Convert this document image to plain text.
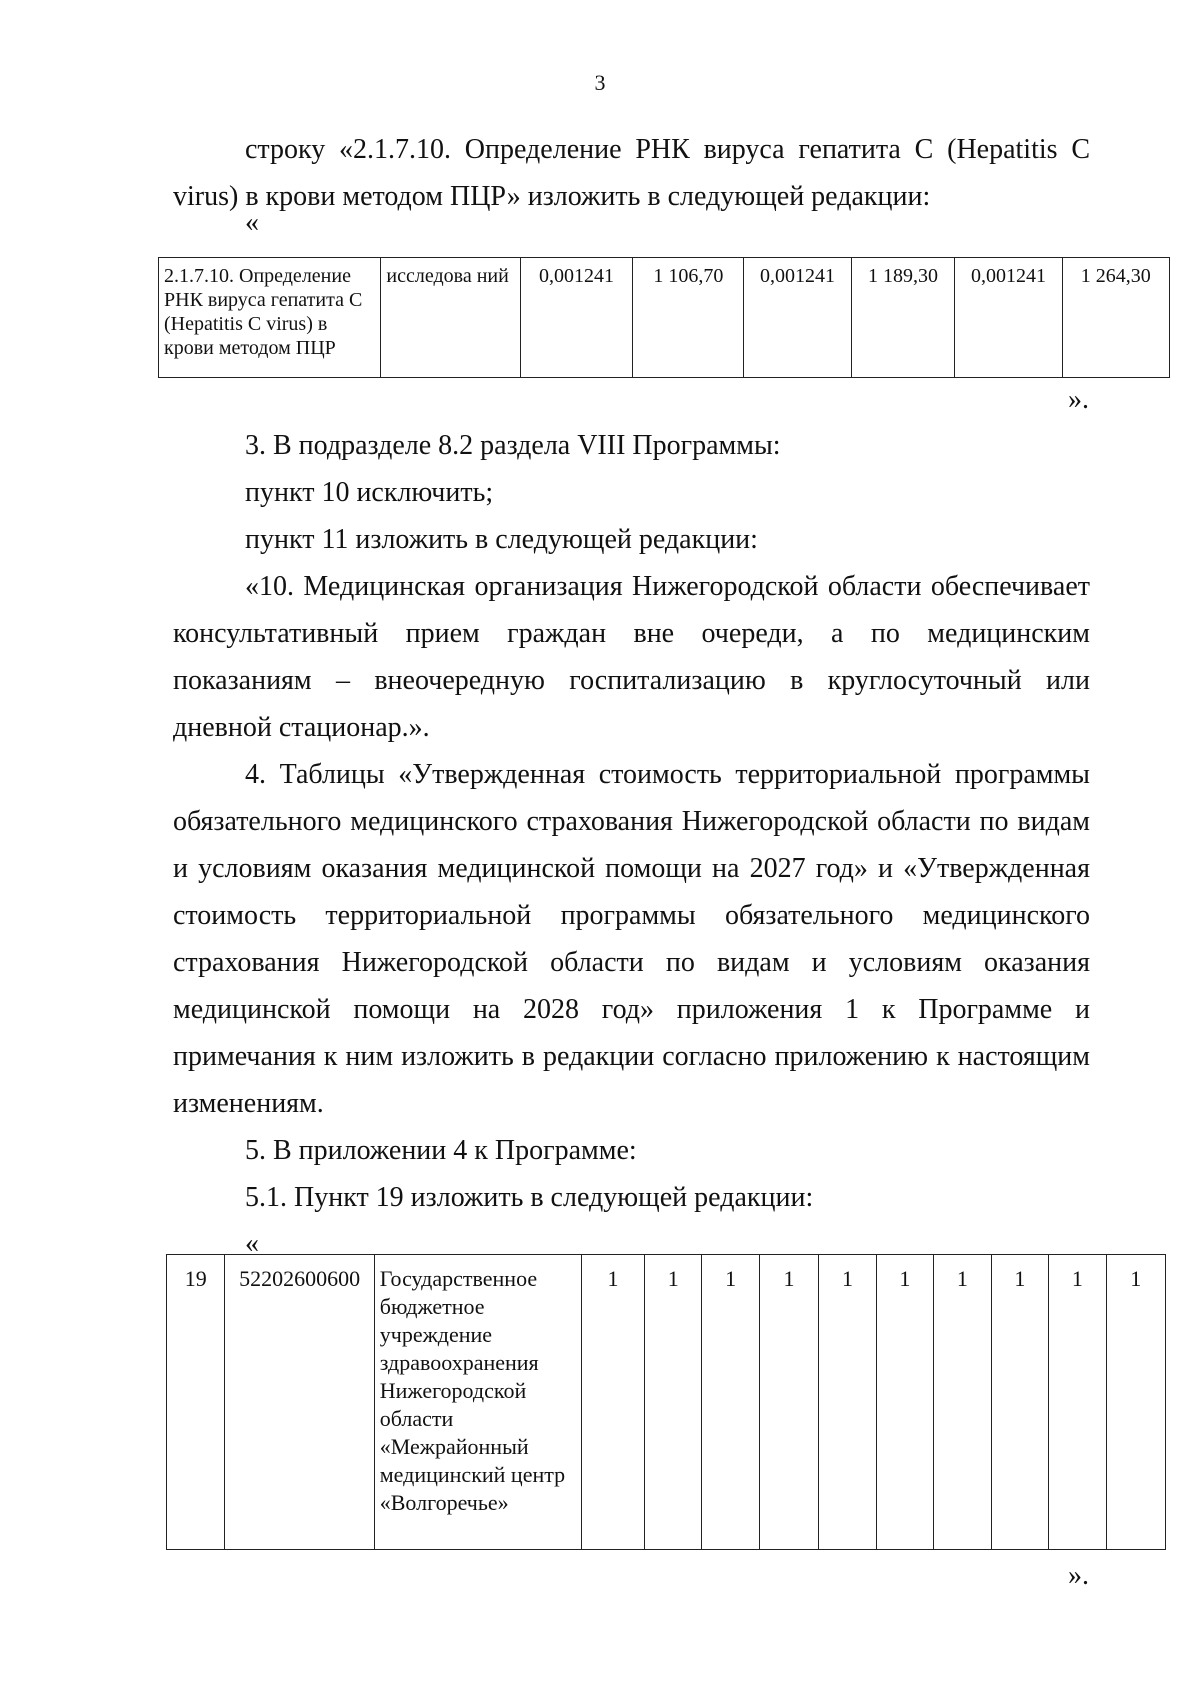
3

строку «2.1.7.10. Определение РНК вируса гепатита C (Hepatitis C virus) в крови методом ПЦР» изложить в следующей редакции:

«
2.1.7.10. Определение РНК вируса гепатита C (Hepatitis C virus) в крови методом ПЦР	исследова ний	0,001241	1 106,70	0,001241	1 189,30	0,001241	1 264,30
».

3. В подразделе 8.2 раздела VIII Программы:

пункт 10 исключить;

пункт 11 изложить в следующей редакции:

«10. Медицинская организация Нижегородской области обеспечивает консультативный прием граждан вне очереди, а по медицинским показаниям – внеочередную госпитализацию в круглосуточный или дневной стационар.».

4. Таблицы «Утвержденная стоимость территориальной программы обязательного медицинского страхования Нижегородской области по видам и условиям оказания медицинской помощи на 2027 год» и «Утвержденная стоимость территориальной программы обязательного медицинского страхования Нижегородской области по видам и условиям оказания медицинской помощи на 2028 год» приложения 1 к Программе и примечания к ним изложить в редакции согласно приложению к настоящим изменениям.

5. В приложении 4 к Программе:

5.1. Пункт 19 изложить в следующей редакции:

«
19	52202600600	Государственное бюджетное учреждение здравоохранения Нижегородской области «Межрайонный медицинский центр «Волгоречье»	1	1	1	1	1	1	1	1	1	1
».
